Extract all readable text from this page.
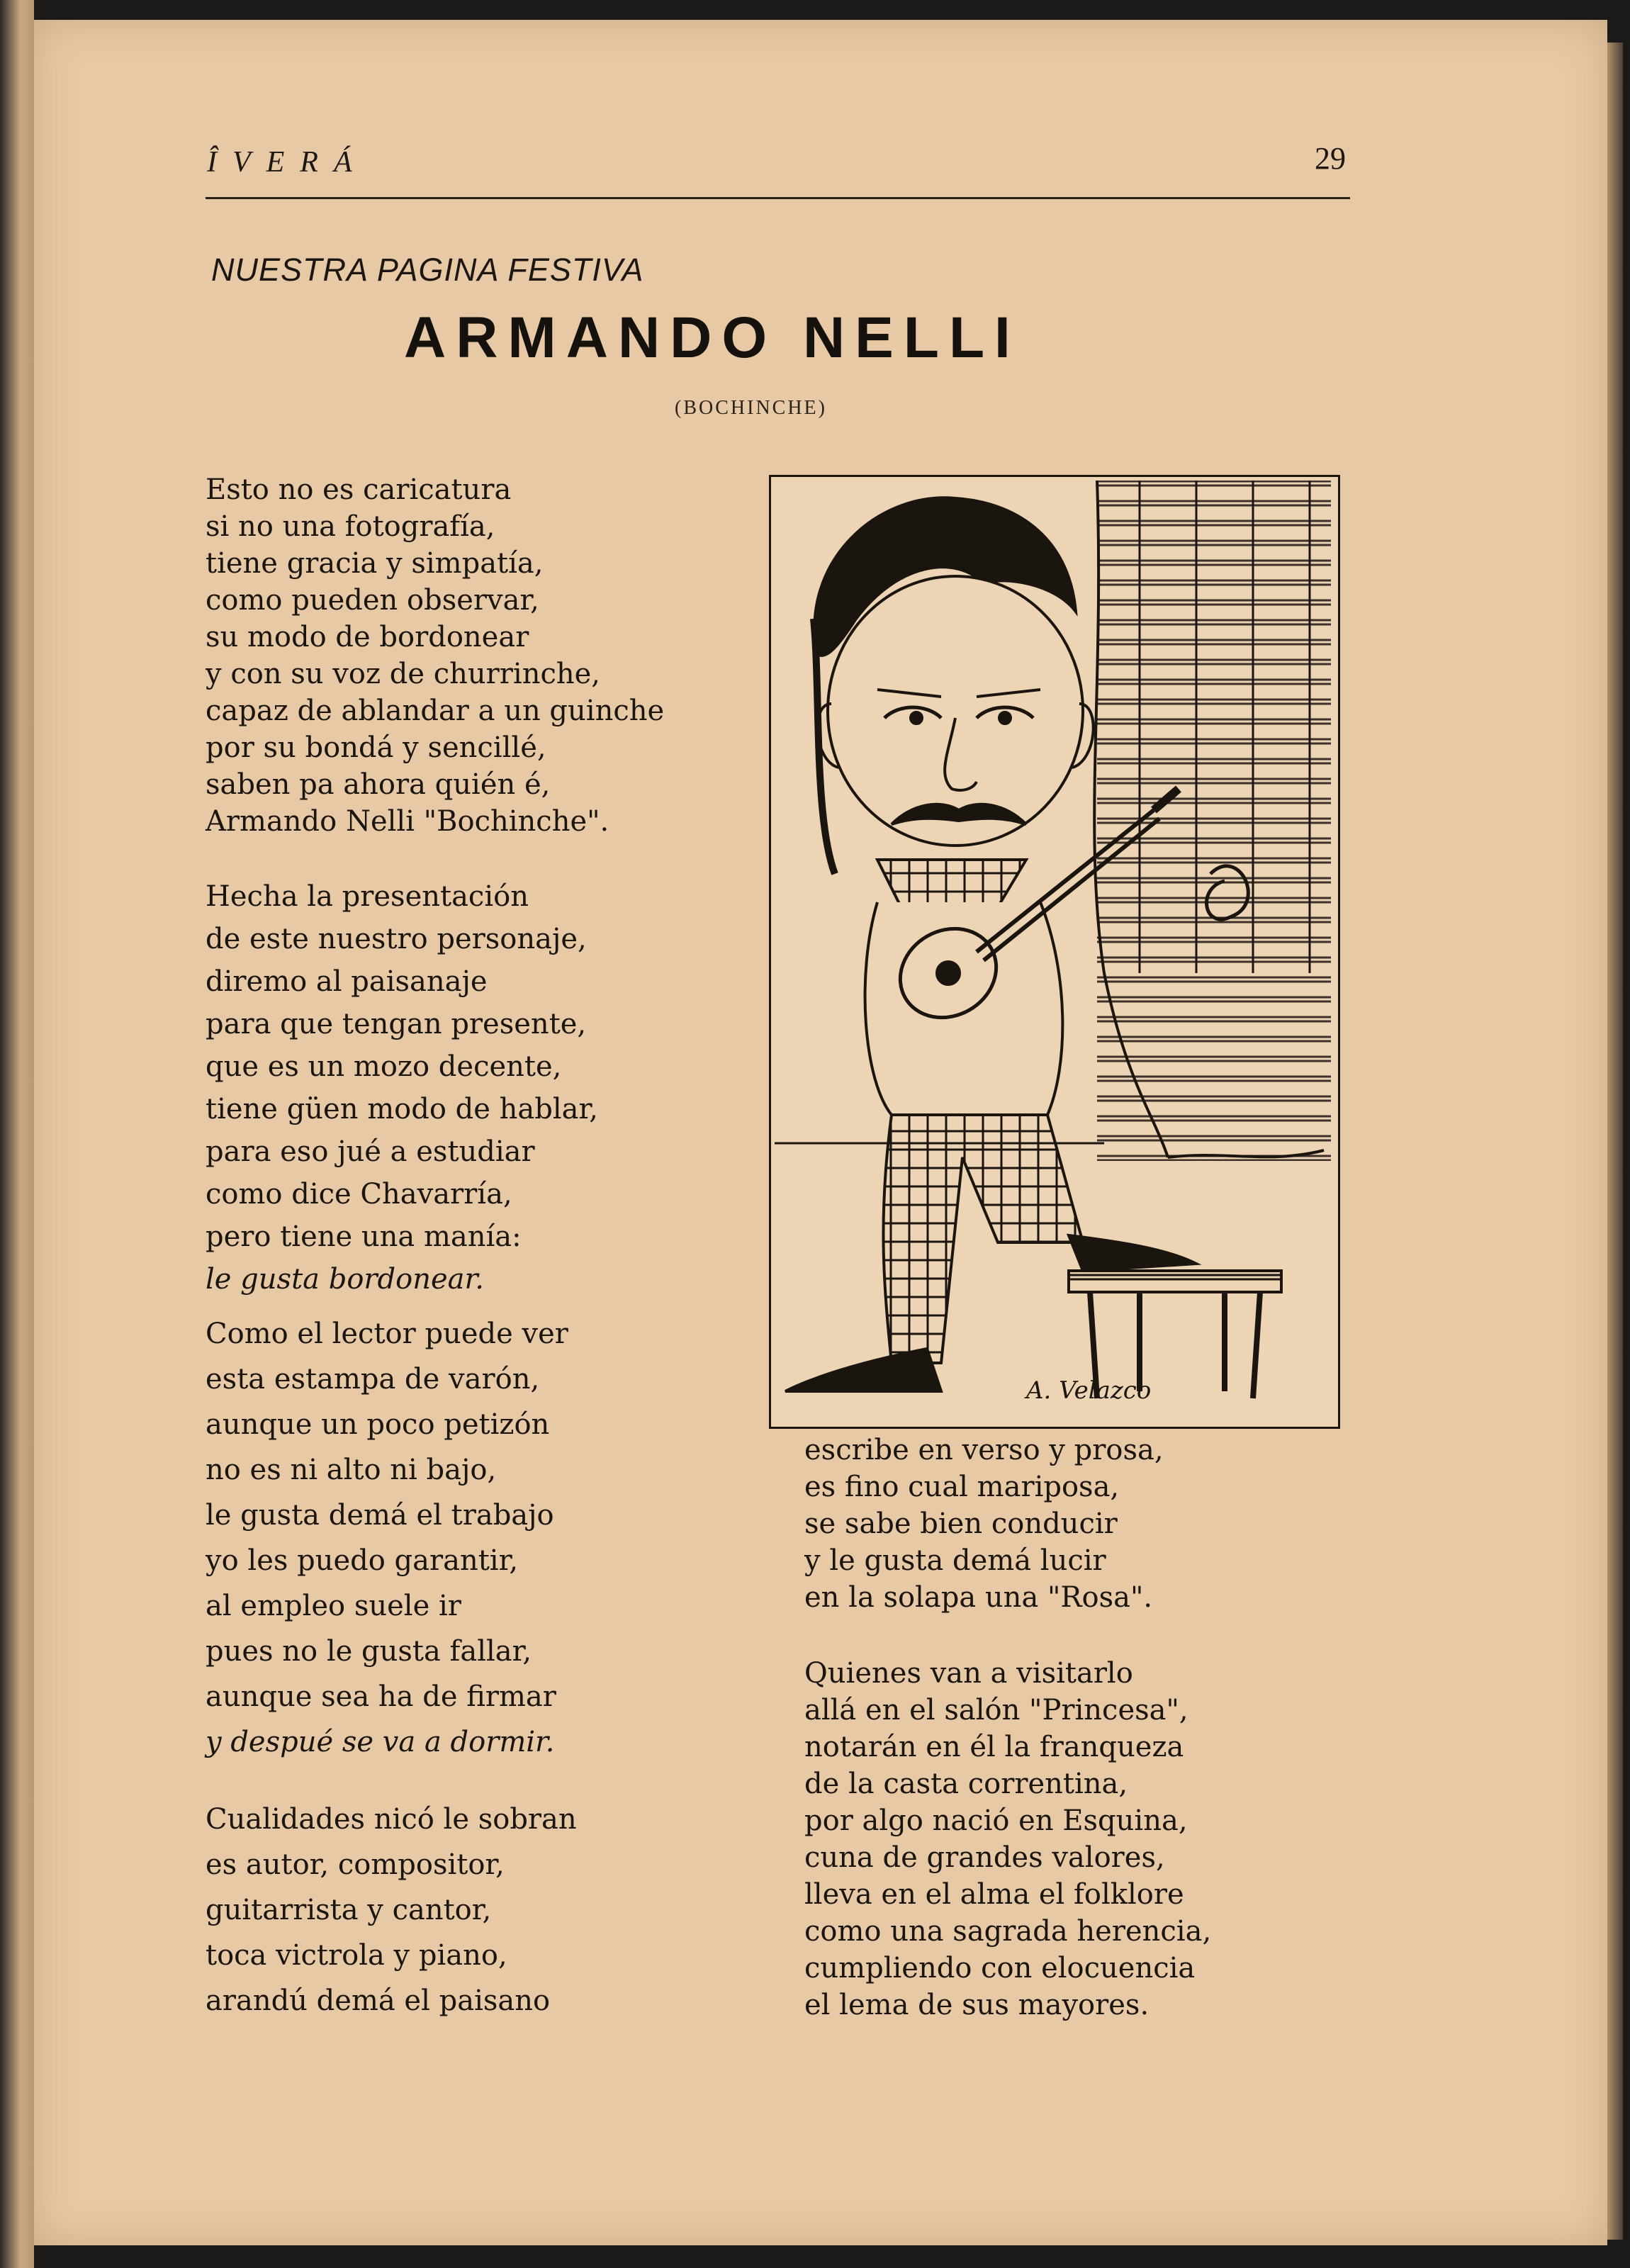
ÎVERÁ	29
NUESTRA PAGINA FESTIVA
ARMANDO NELLI
(BOCHINCHE)
Esto no es caricatura
si no una fotografía,
tiene gracia y simpatía,
como pueden observar,
su modo de bordonear
y con su voz de churrinche,
capaz de ablandar a un guinche
por su bondá y sencillé,
saben pa ahora quién é,
Armando Nelli "Bochinche".
Hecha la presentación
de este nuestro personaje,
diremo al paisanaje
para que tengan presente,
que es un mozo decente,
tiene güen modo de hablar,
para eso jué a estudiar
como dice Chavarría,
pero tiene una manía:
le gusta bordonear.
Como el lector puede ver
esta estampa de varón,
aunque un poco petizón
no es ni alto ni bajo,
le gusta demá el trabajo
yo les puedo garantir,
al empleo suele ir
pues no le gusta fallar,
aunque sea ha de firmar
y despué se va a dormir.
Cualidades nicó le sobran
es autor, compositor,
guitarrista y cantor,
toca victrola y piano,
arandú demá el paisano
escribe en verso y prosa,
es fino cual mariposa,
se sabe bien conducir
y le gusta demá lucir
en la solapa una "Rosa".
Quienes van a visitarlo
allá en el salón "Princesa",
notarán en él la franqueza
de la casta correntina,
por algo nació en Esquina,
cuna de grandes valores,
lleva en el alma el folklore
como una sagrada herencia,
cumpliendo con elocuencia
el lema de sus mayores.
A. Velazco
